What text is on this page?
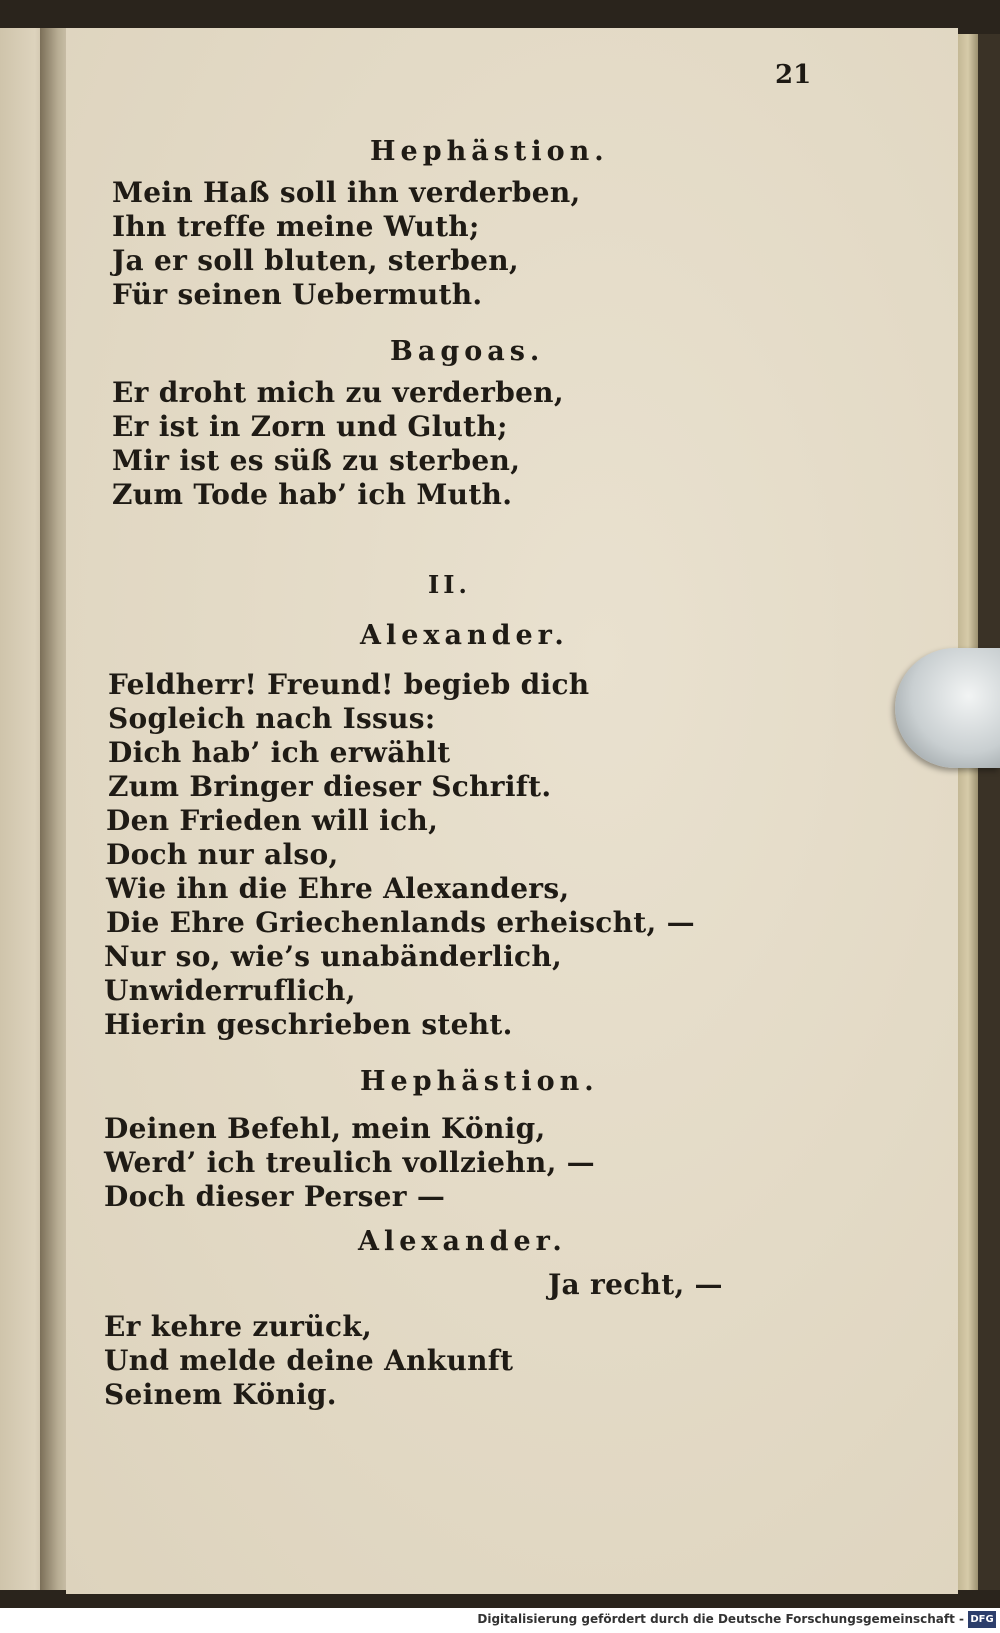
21
Hephästion.
Mein Haß soll ihn verderben,
Ihn treffe meine Wuth;
Ja er soll bluten, sterben,
Für seinen Uebermuth.
Bagoas.
Er droht mich zu verderben,
Er ist in Zorn und Gluth;
Mir ist es süß zu sterben,
Zum Tode hab’ ich Muth.
II.
Alexander.
Feldherr! Freund! begieb dich
Sogleich nach Issus:
Dich hab’ ich erwählt
Zum Bringer dieser Schrift.
Den Frieden will ich,
Doch nur also,
Wie ihn die Ehre Alexanders,
Die Ehre Griechenlands erheischt, —
Nur so, wie’s unabänderlich,
Unwiderruflich,
Hierin geschrieben steht.
Hephästion.
Deinen Befehl, mein König,
Werd’ ich treulich vollziehn, —
Doch dieser Perser —
Alexander.
Ja recht, —
Er kehre zurück,
Und melde deine Ankunft
Seinem König.
Digitalisierung gefördert durch die Deutsche Forschungsgemeinschaft - DFG
